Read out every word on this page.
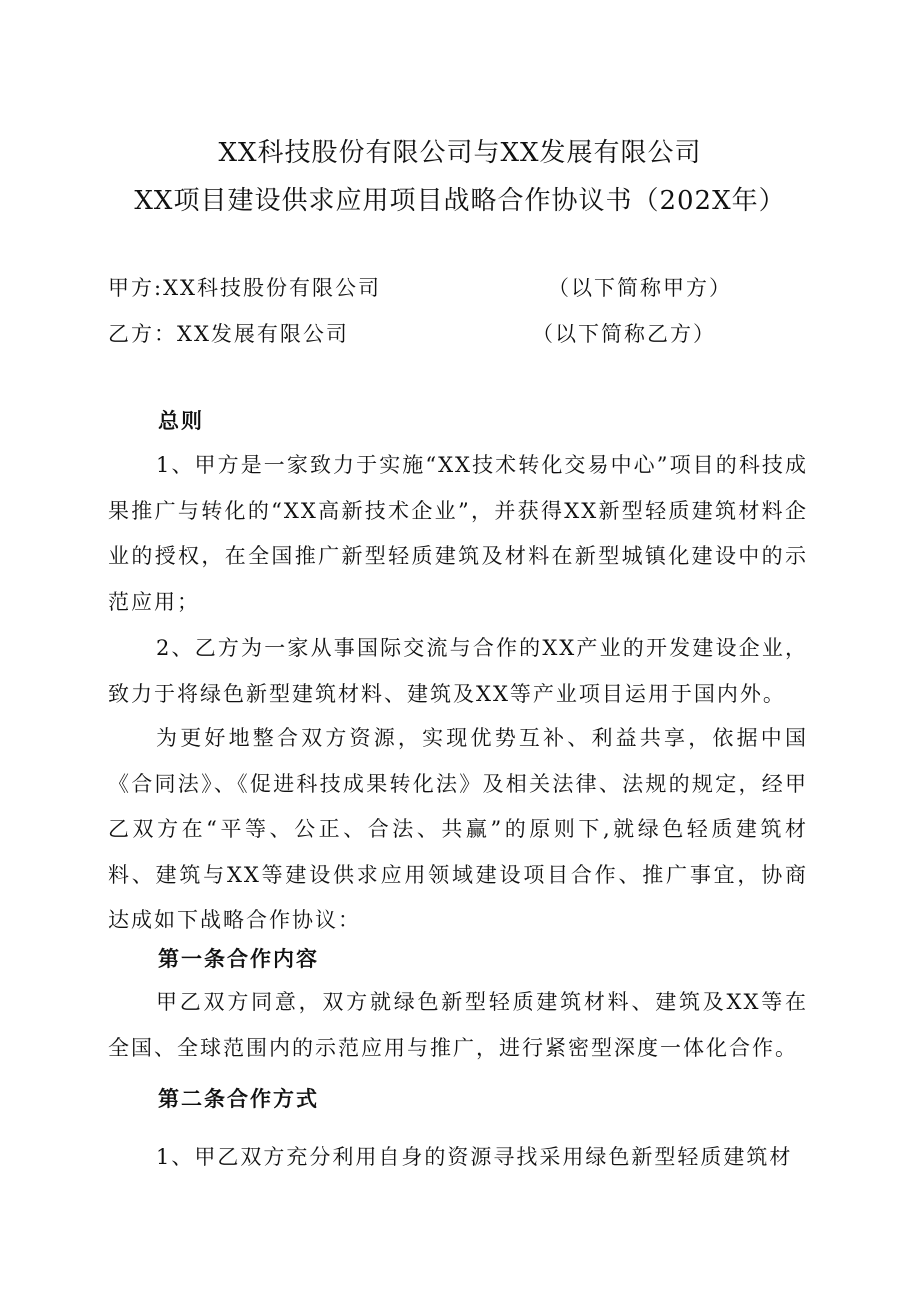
XX科技股份有限公司与XX发展有限公司
XX项目建设供求应用项目战略合作协议书（202X年）
甲方:XX科技股份有限公司	（以下简称甲方）
乙方：XX发展有限公司	（以下简称乙方）
总则
1、甲方是一家致力于实施“XX技术转化交易中心”项目的科技成果推广与转化的“XX高新技术企业”，并获得XX新型轻质建筑材料企业的授权，在全国推广新型轻质建筑及材料在新型城镇化建设中的示范应用；
2、乙方为一家从事国际交流与合作的XX产业的开发建设企业，致力于将绿色新型建筑材料、建筑及XX等产业项目运用于国内外。
为更好地整合双方资源，实现优势互补、利益共享，依据中国《合同法》、《促进科技成果转化法》及相关法律、法规的规定，经甲乙双方在“平等、公正、合法、共赢”的原则下,就绿色轻质建筑材料、建筑与XX等建设供求应用领域建设项目合作、推广事宜，协商达成如下战略合作协议：
第一条合作内容
甲乙双方同意，双方就绿色新型轻质建筑材料、建筑及XX等在全国、全球范围内的示范应用与推广，进行紧密型深度一体化合作。
第二条合作方式
1、甲乙双方充分利用自身的资源寻找采用绿色新型轻质建筑材
